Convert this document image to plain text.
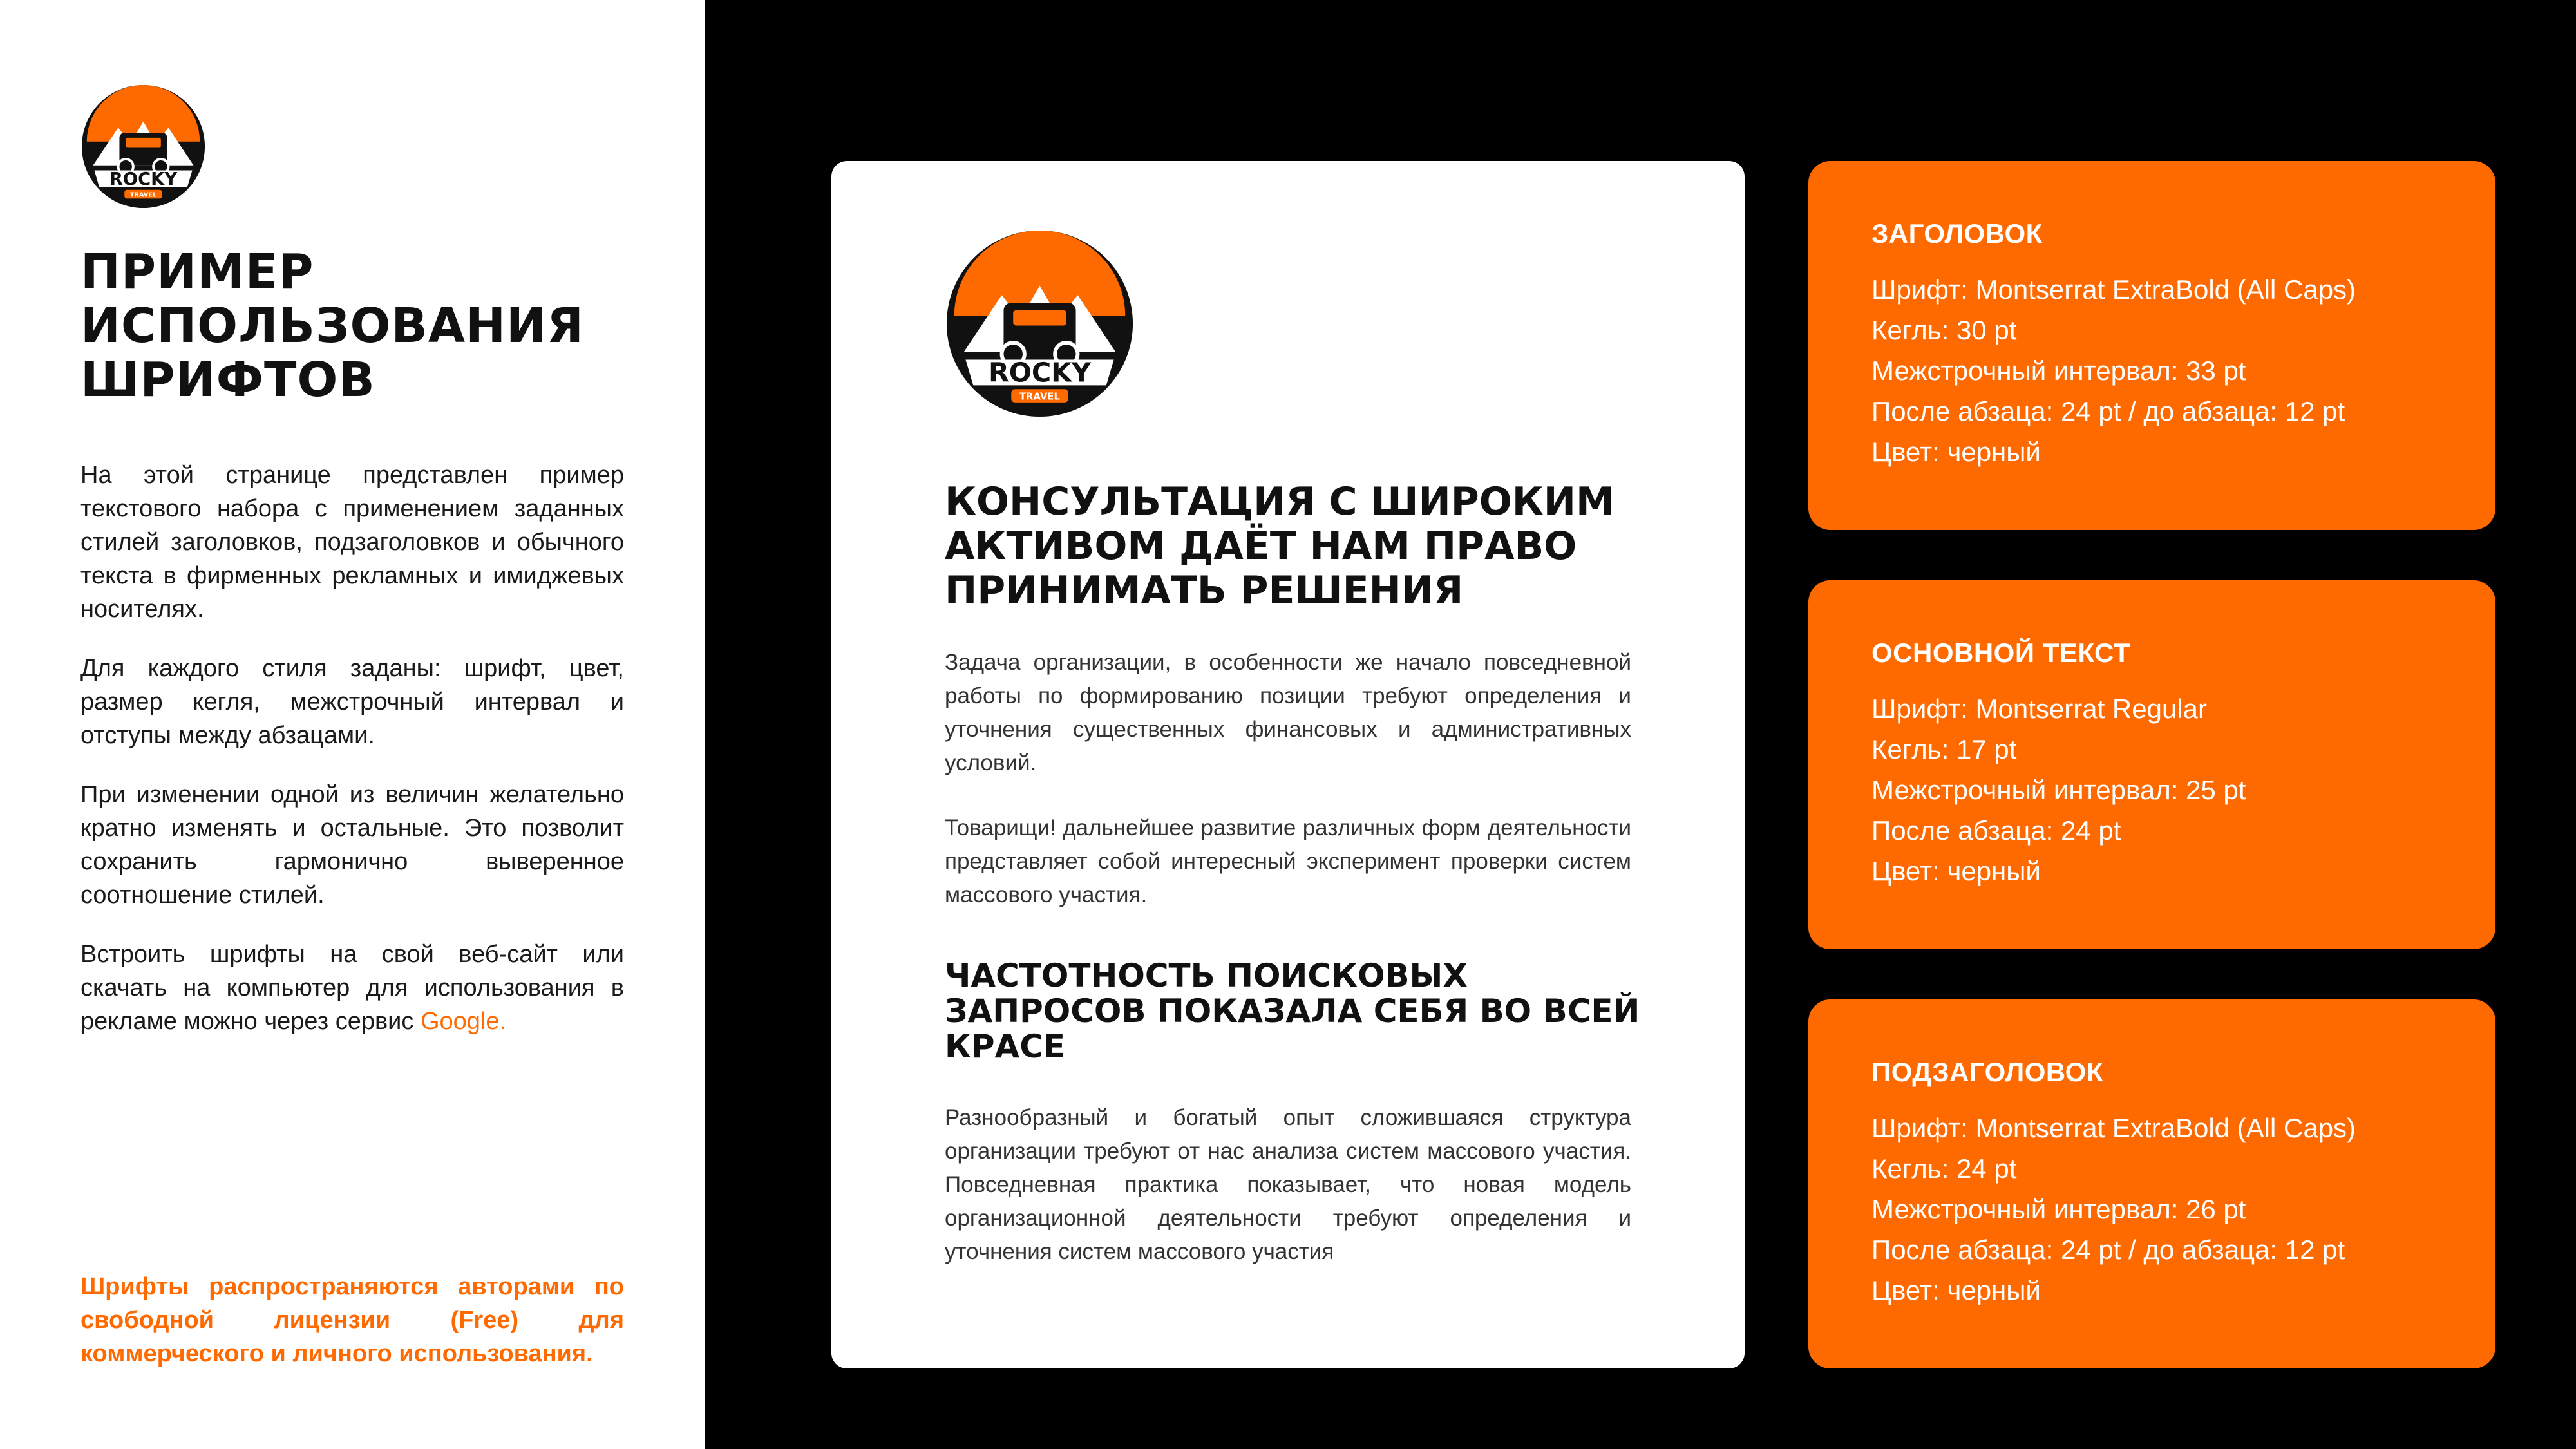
ROCKY
TRAVEL
ПРИМЕР
ИСПОЛЬЗОВАНИЯ
ШРИФТОВ

На этой странице представлен пример текстового набора с применением заданных стилей заголовков, подзаголовков и обычного текста в фирменных рекламных и имиджевых носителях.

Для каждого стиля заданы: шрифт, цвет, размер кегля, межстрочный интервал и отступы между абзацами.

При изменении одной из величин желательно кратно изменять и остальные. Это позволит сохранить гармонично выверенное соотношение стилей.

Встроить шрифты на свой веб-сайт или скачать на компьютер для использования в рекламе можно через сервис Google.

Шрифты распространяются авторами по свободной лицензии (Free) для коммерческого и личного использования.

ROCKY
TRAVEL
КОНСУЛЬТАЦИЯ С ШИРОКИМ
АКТИВОМ ДАЁТ НАМ ПРАВО
ПРИНИМАТЬ РЕШЕНИЯ

Задача организации, в особенности же начало повседневной работы по формированию позиции требуют определения и уточнения существенных финансовых и административных условий.

Товарищи! дальнейшее развитие различных форм деятельности представляет собой интересный эксперимент проверки систем массового участия.

ЧАСТОТНОСТЬ ПОИСКОВЫХ
ЗАПРОСОВ ПОКАЗАЛА СЕБЯ ВО ВСЕЙ
КРАСЕ

Разнообразный и богатый опыт сложившаяся структура организации требуют от нас анализа систем массового участия. Повседневная практика показывает, что новая модель организационной деятельности требуют определения и уточнения систем массового участия

ЗАГОЛОВОК

Шрифт: Montserrat ExtraBold (All Caps)
Кегль: 30 pt
Межстрочный интервал: 33 pt
После абзаца: 24 pt / до абзаца: 12 pt
Цвет: черный

ОСНОВНОЙ ТЕКСТ

Шрифт: Montserrat Regular
Кегль: 17 pt
Межстрочный интервал: 25 pt
После абзаца: 24 pt
Цвет: черный

ПОДЗАГОЛОВОК

Шрифт: Montserrat ExtraBold (All Caps)
Кегль: 24 pt
Межстрочный интервал: 26 pt
После абзаца: 24 pt / до абзаца: 12 pt
Цвет: черный
